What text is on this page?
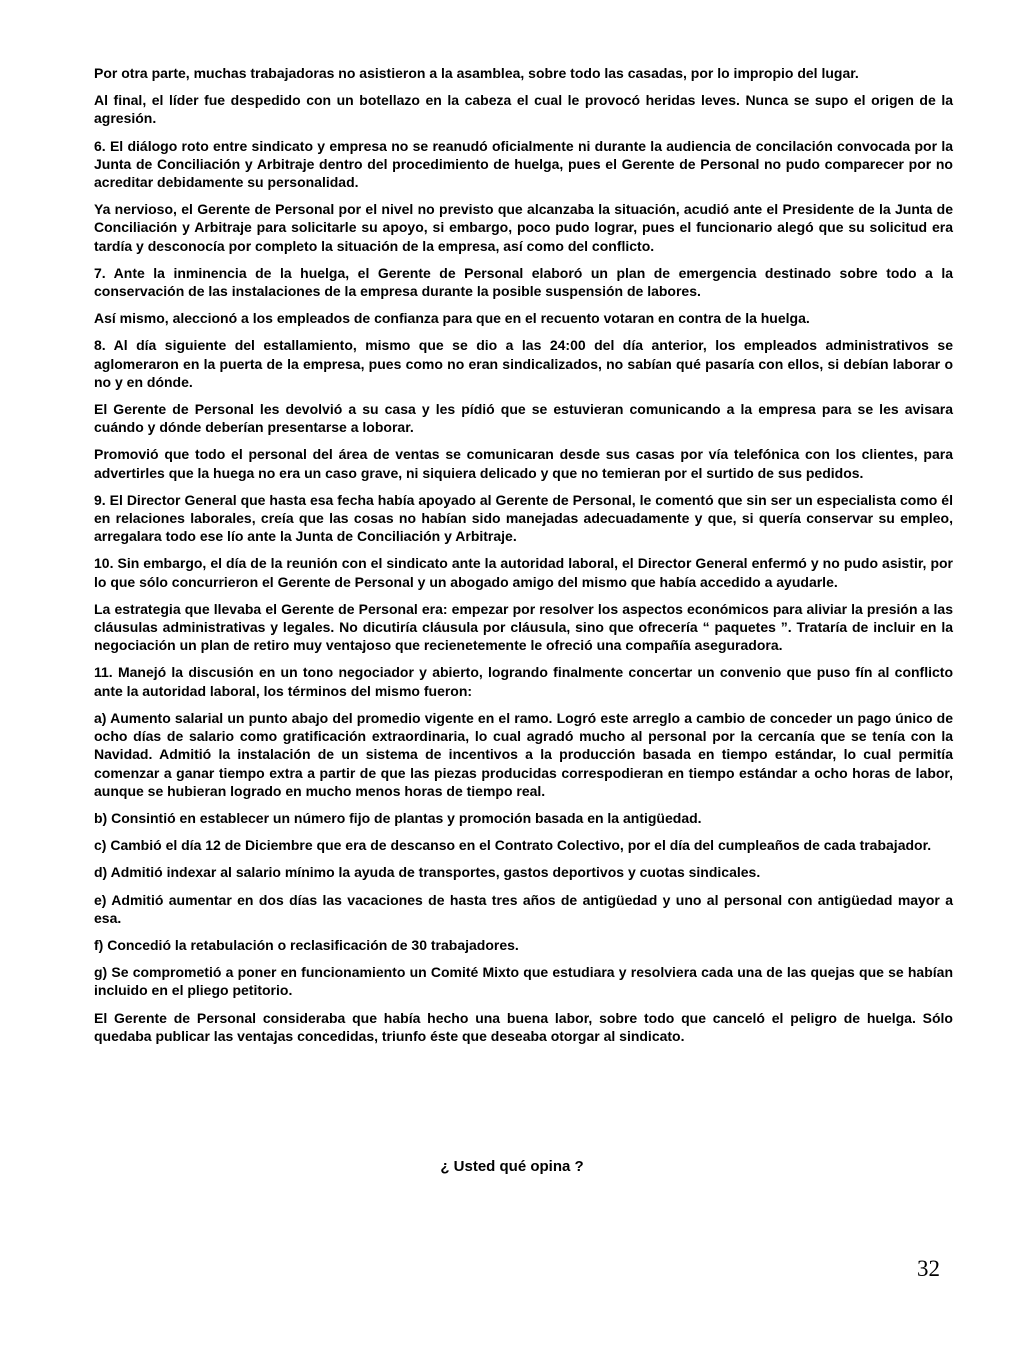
Por otra parte, muchas trabajadoras no asistieron a la asamblea, sobre todo las casadas, por lo impropio del lugar.

Al final, el líder fue despedido con un botellazo en la cabeza el cual le provocó heridas leves. Nunca se supo el origen de la agresión.

6. El diálogo roto entre sindicato y empresa no se reanudó oficialmente ni durante la audiencia de concilación convocada por la Junta de Conciliación y Arbitraje dentro del procedimiento de huelga, pues el Gerente de Personal no pudo comparecer por no acreditar debidamente su personalidad.

Ya nervioso, el Gerente de Personal por el nivel no previsto que alcanzaba la situación, acudió ante el Presidente de la Junta de Conciliación y Arbitraje para solicitarle su apoyo, si embargo, poco pudo lograr, pues el funcionario alegó que su solicitud era tardía y desconocía por completo la situación de la empresa, así como del conflicto.

7. Ante la inminencia de la huelga, el Gerente de Personal elaboró un plan de emergencia destinado sobre todo a la conservación de las instalaciones de la empresa durante la posible suspensión de labores.

Así mismo, aleccionó a los empleados de confianza para que en el recuento votaran en contra de la huelga.

8. Al día siguiente del estallamiento, mismo que se dio a las 24:00 del día anterior, los empleados administrativos se aglomeraron en la puerta de la empresa, pues como no eran sindicalizados, no sabían qué pasaría con ellos, si debían laborar o no y en dónde.

El Gerente de Personal les devolvió a su casa y les pídió que se estuvieran comunicando a la empresa para se les avisara cuándo y dónde deberían presentarse a loborar.

Promovió que todo el personal del área de ventas se comunicaran desde sus casas por vía telefónica con los clientes, para advertirles que la huega no era un caso grave, ni siquiera delicado y que no temieran por el surtido de sus pedidos.

9. El Director General que hasta esa fecha había apoyado al Gerente de Personal, le comentó que sin ser un especialista como él en relaciones laborales, creía que las cosas no habían sido manejadas adecuadamente y que, si quería conservar su empleo, arregalara todo ese lío ante la Junta de Conciliación y Arbitraje.

10. Sin embargo, el día de la reunión con el sindicato ante la autoridad laboral, el Director General enfermó y no pudo asistir, por lo que sólo concurrieron el Gerente de Personal y un abogado amigo del mismo que había accedido a ayudarle.

La estrategia que llevaba el Gerente de Personal era: empezar por resolver los aspectos económicos para aliviar la presión a las cláusulas administrativas y legales. No dicutiría cláusula por cláusula, sino que ofrecería “ paquetes ”. Trataría de incluir en la negociación un plan de retiro muy ventajoso que recienetemente le ofreció una compañía aseguradora.

11. Manejó la discusión en un tono negociador y abierto, logrando finalmente concertar un convenio que puso fín al conflicto ante la autoridad laboral, los términos del mismo fueron:

a) Aumento salarial un punto abajo del promedio vigente en el ramo. Logró este arreglo a cambio de conceder un pago único de ocho días de salario como gratificación extraordinaria, lo cual agradó mucho al personal por la cercanía que se tenía con la Navidad. Admitió la instalación de un sistema de incentivos a la producción basada en tiempo estándar, lo cual permitía comenzar a ganar tiempo extra a partir de que las piezas producidas correspodieran en tiempo estándar a ocho horas de labor, aunque se hubieran logrado en mucho menos horas de tiempo real.

b) Consintió en establecer un número fijo de plantas y promoción basada en la antigüedad.

c) Cambió el día 12 de Diciembre que era de descanso en el Contrato Colectivo, por el día del cumpleaños de cada trabajador.

d) Admitió indexar al salario mínimo la ayuda de transportes, gastos deportivos y cuotas sindicales.

e) Admitió aumentar en dos días las vacaciones de hasta tres años de antigüedad y uno al personal con antigüedad mayor a esa.

f) Concedió la retabulación o reclasificación de 30 trabajadores.

g) Se comprometió a poner en funcionamiento un Comité Mixto que estudiara y resolviera cada una de las quejas que se habían incluido en el pliego petitorio.

El Gerente de Personal consideraba que había hecho una buena labor, sobre todo que canceló el peligro de huelga. Sólo quedaba publicar las ventajas concedidas, triunfo éste que deseaba otorgar al sindicato.

¿ Usted qué opina ?
32
